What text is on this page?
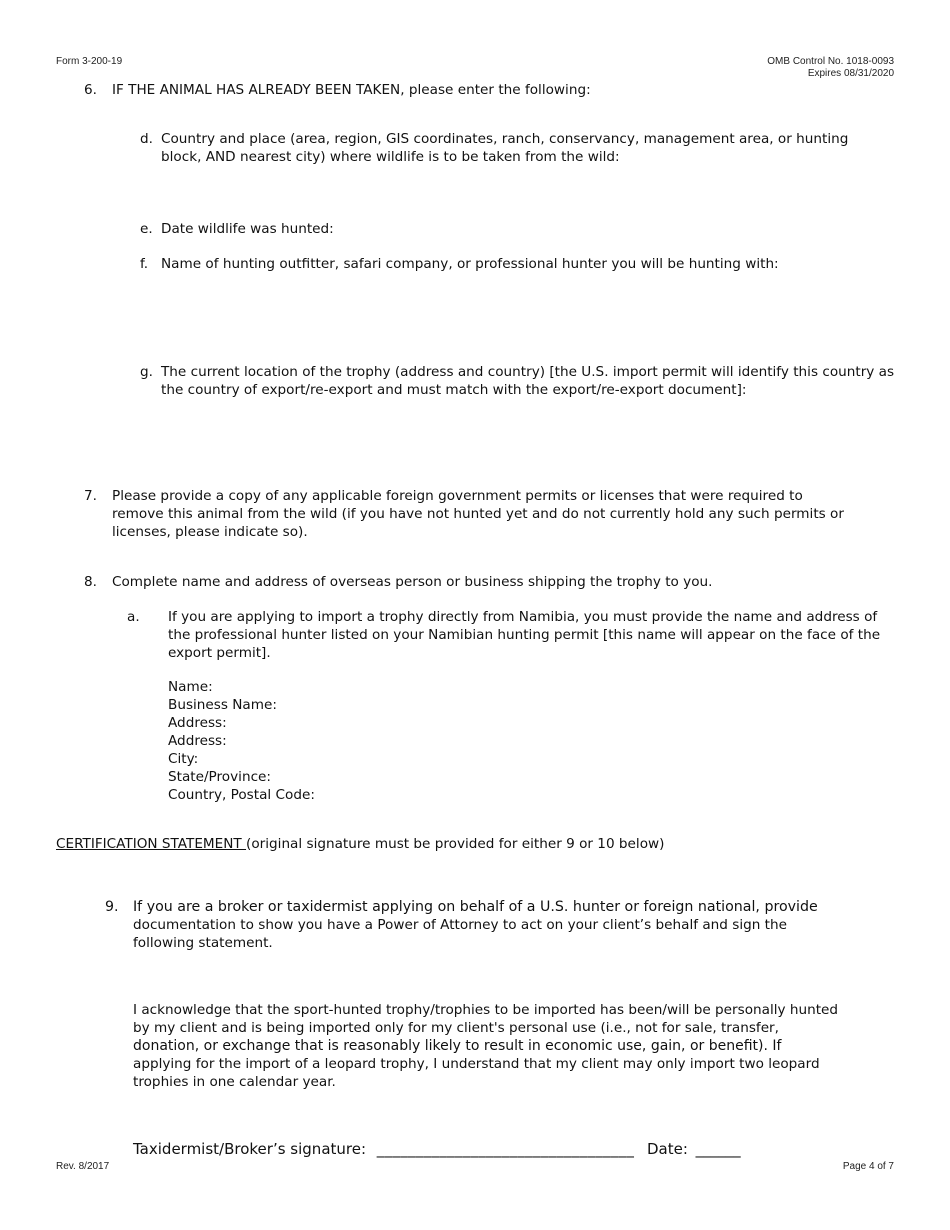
Form 3-200-19	OMB Control No. 1018-0093
Expires 08/31/2020
6. IF THE ANIMAL HAS ALREADY BEEN TAKEN, please enter the following:
d. Country and place (area, region, GIS coordinates, ranch, conservancy, management area, or hunting
block, AND nearest city) where wildlife is to be taken from the wild:
e. Date wildlife was hunted:
f. Name of hunting outfitter, safari company, or professional hunter you will be hunting with:
g. The current location of the trophy (address and country) [the U.S. import permit will identify this country as
the country of export/re-export and must match with the export/re-export document]:
7. Please provide a copy of any applicable foreign government permits or licenses that were required to
remove this animal from the wild (if you have not hunted yet and do not currently hold any such permits or
licenses, please indicate so).
8. Complete name and address of overseas person or business shipping the trophy to you.
a. If you are applying to import a trophy directly from Namibia, you must provide the name and address of
the professional hunter listed on your Namibian hunting permit [this name will appear on the face of the
export permit].
Name:
Business Name:
Address:
Address:
City:
State/Province:
Country, Postal Code:
CERTIFICATION STATEMENT (original signature must be provided for either 9 or 10 below)
9. If you are a broker or taxidermist applying on behalf of a U.S. hunter or foreign national, provide
documentation to show you have a Power of Attorney to act on your client’s behalf and sign the
following statement.
I acknowledge that the sport-hunted trophy/trophies to be imported has been/will be personally hunted
by my client and is being imported only for my client's personal use (i.e., not for sale, transfer,
donation, or exchange that is reasonably likely to result in economic use, gain, or benefit). If
applying for the import of a leopard trophy, I understand that my client may only import two leopard
trophies in one calendar year.
Taxidermist/Broker’s signature: _________________________________ Date: ______
Rev. 8/2017	Page 4 of 7
